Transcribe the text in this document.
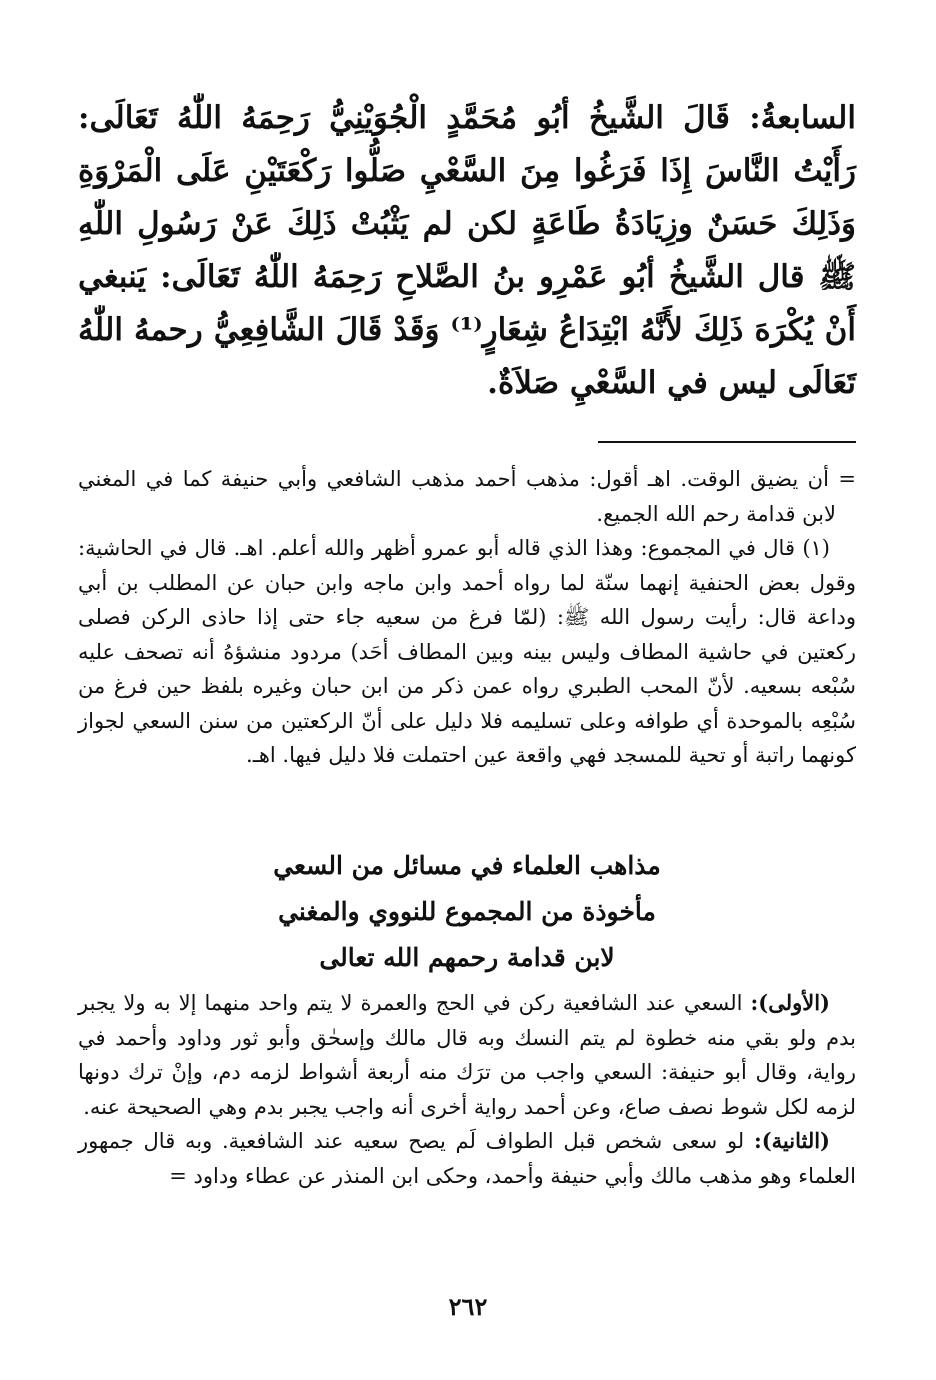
السابعةُ: قَالَ الشَّيخُ أبُو مُحَمَّدٍ الْجُوَيْنِيُّ رَحِمَهُ اللّٰهُ تَعَالَى: رَأَيْتُ النَّاسَ إِذَا فَرَغُوا مِنَ السَّعْيِ صَلُّوا رَكْعَتَيْنِ عَلَى الْمَرْوَةِ وَذَلِكَ حَسَنٌ وزِيَادَةُ طَاعَةٍ لكن لم يَثْبُتْ ذَلِكَ عَنْ رَسُولِ اللّٰهِ ﷺ قال الشَّيخُ أبُو عَمْرِو بنُ الصَّلاحِ رَحِمَهُ اللّٰهُ تَعَالَى: يَنبغي أَنْ يُكْرَهَ ذَلِكَ لأَنَّهُ ابْتِدَاعُ شِعَارٍ⁽¹⁾ وَقَدْ قَالَ الشَّافِعِيُّ رحمهُ اللّٰهُ تَعَالَى ليس في السَّعْيِ صَلاَةٌ.

= أن يضيق الوقت. اهـ أقول: مذهب أحمد مذهب الشافعي وأبي حنيفة كما في المغني لابن قدامة رحم الله الجميع.

(١) قال في المجموع: وهذا الذي قاله أبو عمرو أظهر والله أعلم. اهـ. قال في الحاشية: وقول بعض الحنفية إنهما سنّة لما رواه أحمد وابن ماجه وابن حبان عن المطلب بن أبي وداعة قال: رأيت رسول الله ﷺ: (لمّا فرغ من سعيه جاء حتى إذا حاذى الركن فصلى ركعتين في حاشية المطاف وليس بينه وبين المطاف أحَد) مردود منشؤهُ أنه تصحف عليه سُبْعه بسعيه. لأنّ المحب الطبري رواه عمن ذكر من ابن حبان وغيره بلفظ حين فرغ من سُبْعِه بالموحدة أي طوافه وعلى تسليمه فلا دليل على أنّ الركعتين من سنن السعي لجواز كونهما راتبة أو تحية للمسجد فهي واقعة عين احتملت فلا دليل فيها. اهـ.

مذاهب العلماء في مسائل من السعي
مأخوذة من المجموع للنووي والمغني
لابن قدامة رحمهم الله تعالى

(الأولى): السعي عند الشافعية ركن في الحج والعمرة لا يتم واحد منهما إلا به ولا يجبر بدم ولو بقي منه خطوة لم يتم النسك وبه قال مالك وإسحٰق وأبو ثور وداود وأحمد في رواية، وقال أبو حنيفة: السعي واجب من ترَك منه أربعة أشواط لزمه دم، وإنْ ترك دونها لزمه لكل شوط نصف صاع، وعن أحمد رواية أخرى أنه واجب يجبر بدم وهي الصحيحة عنه.

(الثانية): لو سعى شخص قبل الطواف لَم يصح سعيه عند الشافعية. وبه قال جمهور العلماء وهو مذهب مالك وأبي حنيفة وأحمد، وحكى ابن المنذر عن عطاء وداود =

٢٦٢
